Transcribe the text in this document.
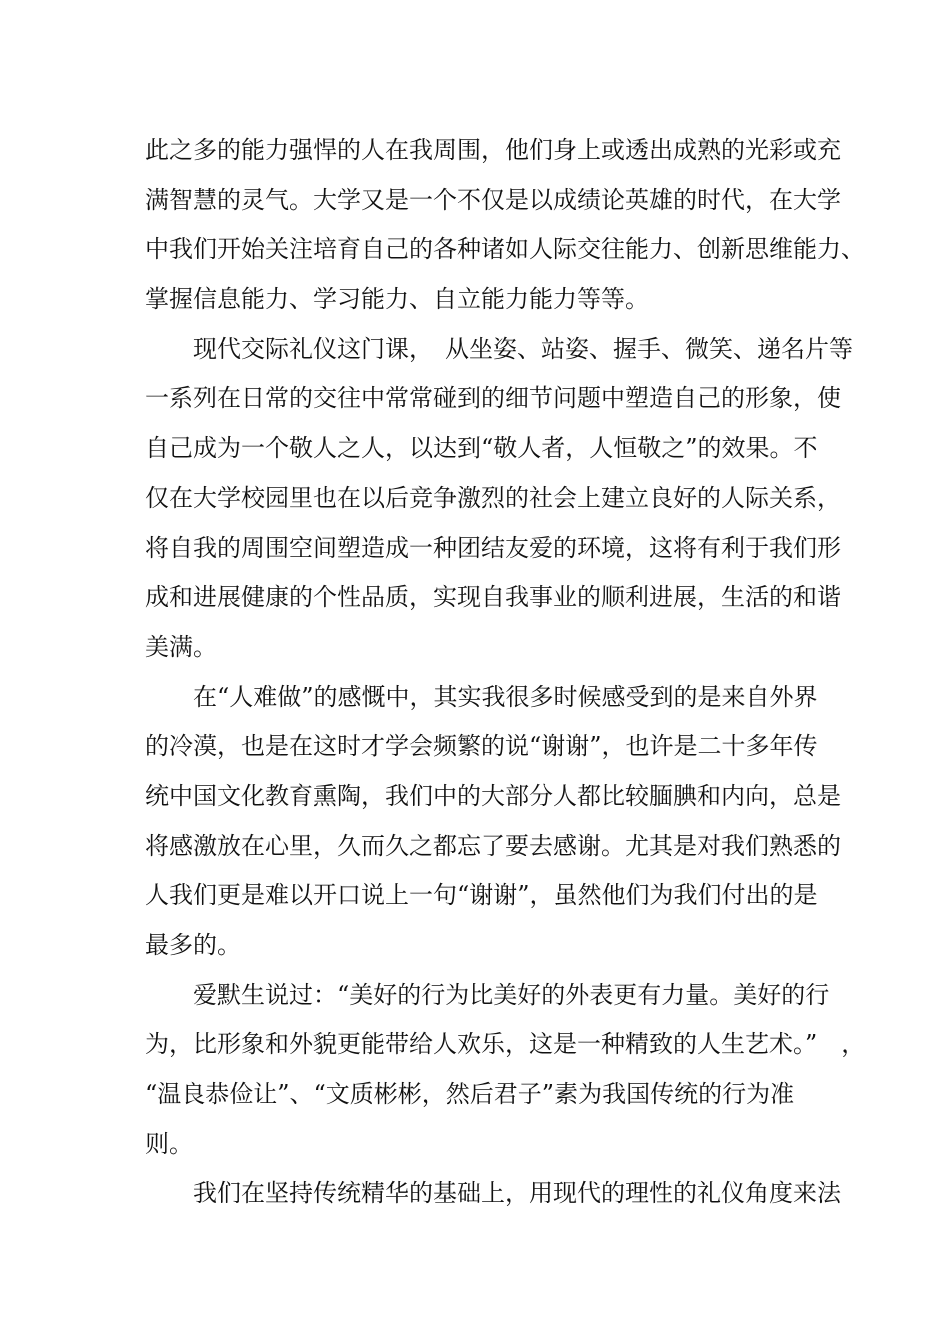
此之多的能力强悍的人在我周围，他们身上或透出成熟的光彩或充
满智慧的灵气。大学又是一个不仅是以成绩论英雄的时代，在大学
中我们开始关注培育自己的各种诸如人际交往能力、创新思维能力、
掌握信息能力、学习能力、自立能力能力等等。
　　现代交际礼仪这门课，　从坐姿、站姿、握手、微笑、递名片等
一系列在日常的交往中常常碰到的细节问题中塑造自己的形象，使
自己成为一个敬人之人，以达到“敬人者，人恒敬之”的效果。不
仅在大学校园里也在以后竞争激烈的社会上建立良好的人际关系，
将自我的周围空间塑造成一种团结友爱的环境，这将有利于我们形
成和进展健康的个性品质，实现自我事业的顺利进展，生活的和谐
美满。
　　在“人难做”的感慨中，其实我很多时候感受到的是来自外界
的冷漠，也是在这时才学会频繁的说“谢谢”，也许是二十多年传
统中国文化教育熏陶，我们中的大部分人都比较腼腆和内向，总是
将感激放在心里，久而久之都忘了要去感谢。尤其是对我们熟悉的
人我们更是难以开口说上一句“谢谢”，虽然他们为我们付出的是
最多的。
　　爱默生说过：“美好的行为比美好的外表更有力量。美好的行
为，比形象和外貌更能带给人欢乐，这是一种精致的人生艺术。”　，
“温良恭俭让”、“文质彬彬，然后君子”素为我国传统的行为准
则。
　　我们在坚持传统精华的基础上，用现代的理性的礼仪角度来法
